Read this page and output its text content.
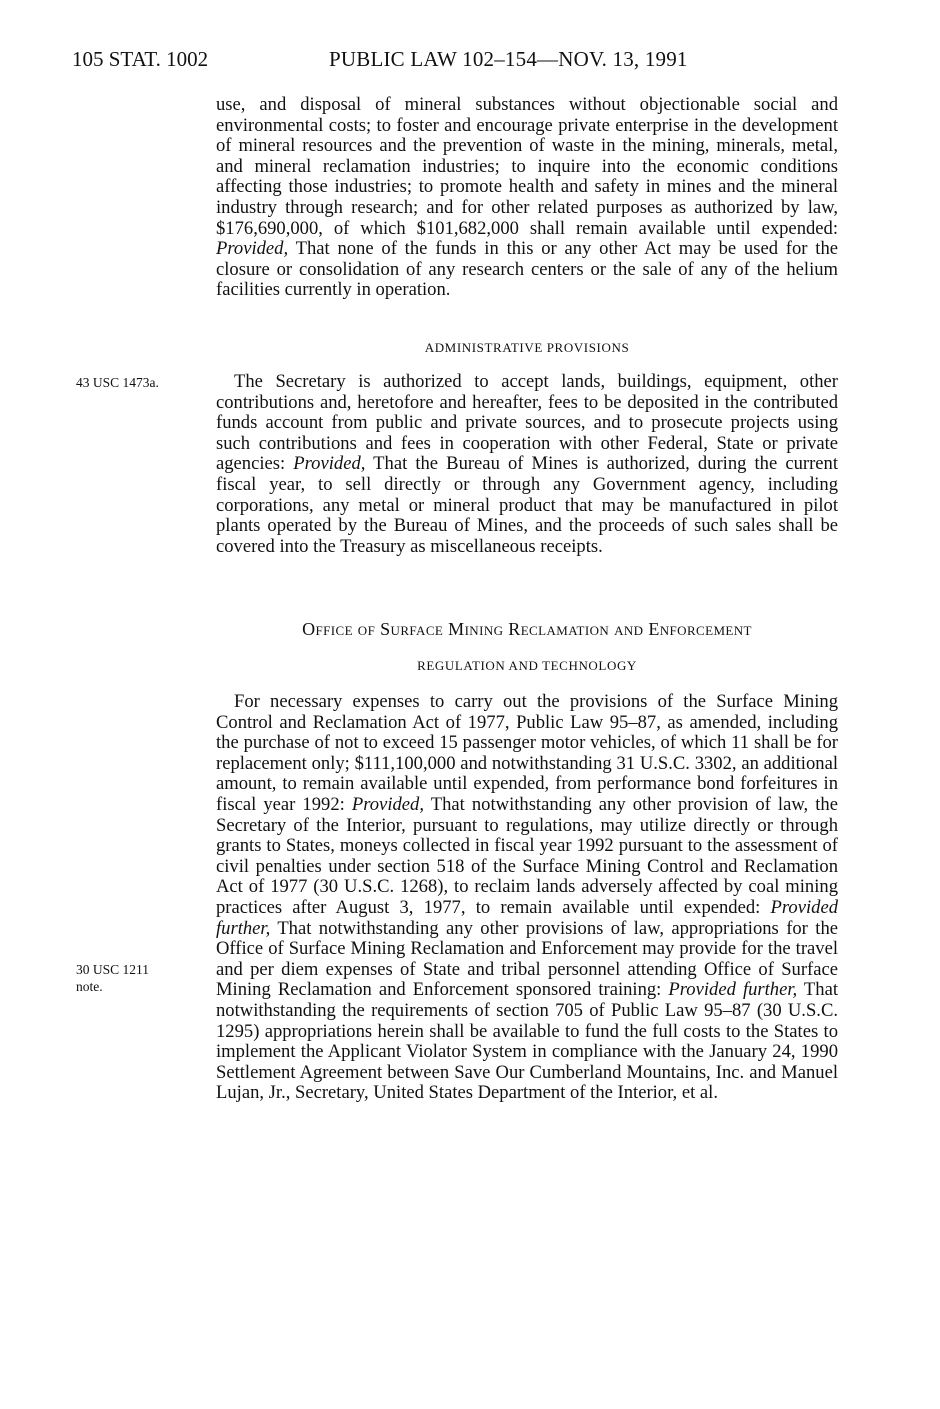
105 STAT. 1002	PUBLIC LAW 102–154—NOV. 13, 1991

use, and disposal of mineral substances without objectionable social and environmental costs; to foster and encourage private enterprise in the development of mineral resources and the prevention of waste in the mining, minerals, metal, and mineral reclamation industries; to inquire into the economic conditions affecting those industries; to promote health and safety in mines and the mineral industry through research; and for other related purposes as authorized by law, $176,690,000, of which $101,682,000 shall remain available until expended: Provided, That none of the funds in this or any other Act may be used for the closure or consolidation of any research centers or the sale of any of the helium facilities currently in operation.

ADMINISTRATIVE PROVISIONS
43 USC 1473a.	The Secretary is authorized to accept lands, buildings, equipment, other contributions and, heretofore and hereafter, fees to be deposited in the contributed funds account from public and private sources, and to prosecute projects using such contributions and fees in cooperation with other Federal, State or private agencies: Provided, That the Bureau of Mines is authorized, during the current fiscal year, to sell directly or through any Government agency, including corporations, any metal or mineral product that may be manufactured in pilot plants operated by the Bureau of Mines, and the proceeds of such sales shall be covered into the Treasury as miscellaneous receipts.

Office of Surface Mining Reclamation and Enforcement
REGULATION AND TECHNOLOGY
30 USC 1211
note.

For necessary expenses to carry out the provisions of the Surface Mining Control and Reclamation Act of 1977, Public Law 95–87, as amended, including the purchase of not to exceed 15 passenger motor vehicles, of which 11 shall be for replacement only; $111,100,000 and notwithstanding 31 U.S.C. 3302, an additional amount, to remain available until expended, from performance bond forfeitures in fiscal year 1992: Provided, That notwithstanding any other provision of law, the Secretary of the Interior, pursuant to regulations, may utilize directly or through grants to States, moneys collected in fiscal year 1992 pursuant to the assessment of civil penalties under section 518 of the Surface Mining Control and Reclamation Act of 1977 (30 U.S.C. 1268), to reclaim lands adversely affected by coal mining practices after August 3, 1977, to remain available until expended: Provided further, That notwithstanding any other provisions of law, appropriations for the Office of Surface Mining Reclamation and Enforcement may provide for the travel and per diem expenses of State and tribal personnel attending Office of Surface Mining Reclamation and Enforcement sponsored training: Provided further, That notwithstanding the requirements of section 705 of Public Law 95–87 (30 U.S.C. 1295) appropriations herein shall be available to fund the full costs to the States to implement the Applicant Violator System in compliance with the January 24, 1990 Settlement Agreement between Save Our Cumberland Mountains, Inc. and Manuel Lujan, Jr., Secretary, United States Department of the Interior, et al.
